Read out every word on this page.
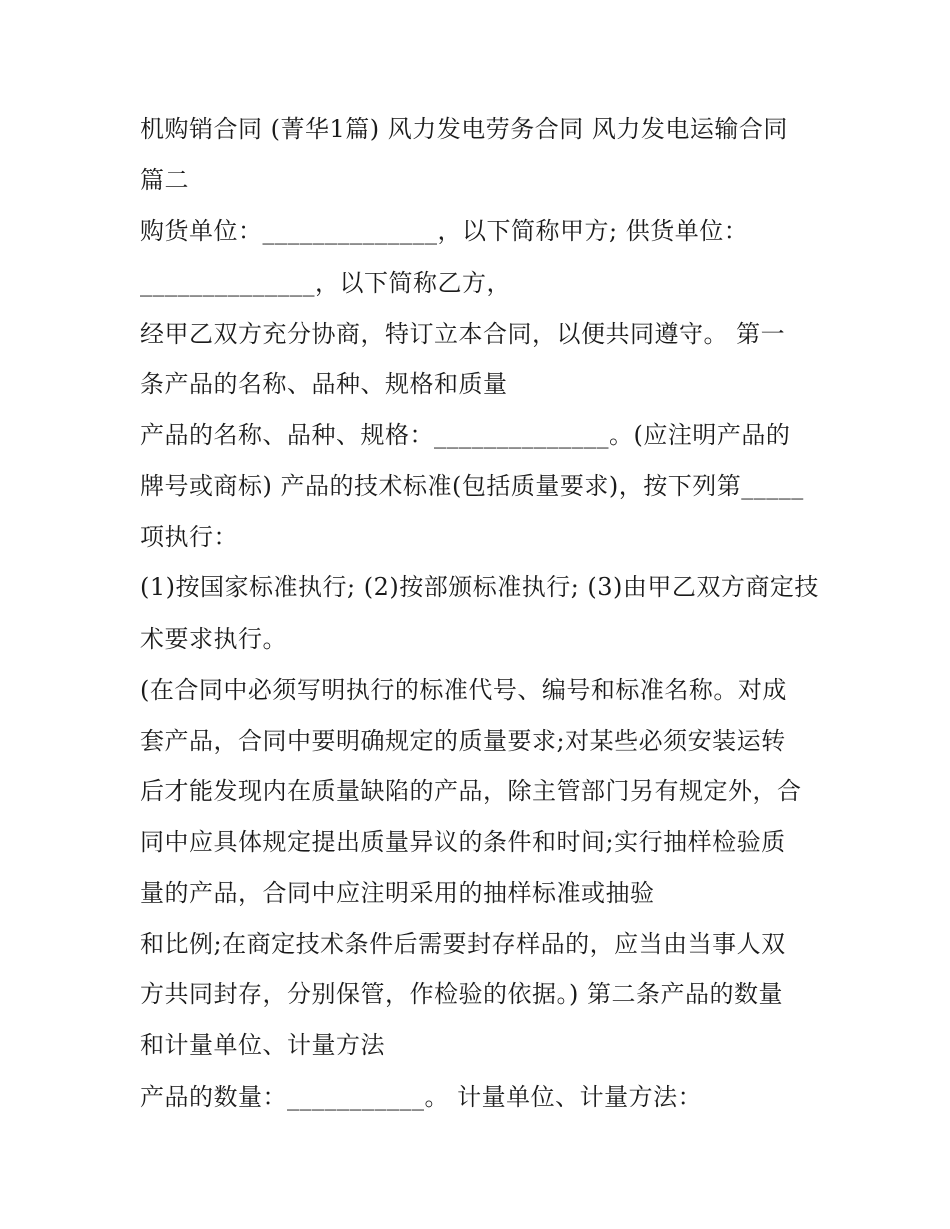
机购销合同 (菁华1篇) 风力发电劳务合同 风力发电运输合同

篇二

购货单位：______________，以下简称甲方; 供货单位：

______________，以下简称乙方，

经甲乙双方充分协商，特订立本合同，以便共同遵守。 第一

条产品的名称、品种、规格和质量

产品的名称、品种、规格：______________。(应注明产品的

牌号或商标) 产品的技术标准(包括质量要求)，按下列第_____

项执行：

(1)按国家标准执行; (2)按部颁标准执行; (3)由甲乙双方商定技

术要求执行。

(在合同中必须写明执行的标准代号、编号和标准名称。对成

套产品，合同中要明确规定的质量要求;对某些必须安装运转

后才能发现内在质量缺陷的产品，除主管部门另有规定外，合

同中应具体规定提出质量异议的条件和时间;实行抽样检验质

量的产品，合同中应注明采用的抽样标准或抽验

和比例;在商定技术条件后需要封存样品的，应当由当事人双

方共同封存，分别保管，作检验的依据。) 第二条产品的数量

和计量单位、计量方法

产品的数量：___________。 计量单位、计量方法：
